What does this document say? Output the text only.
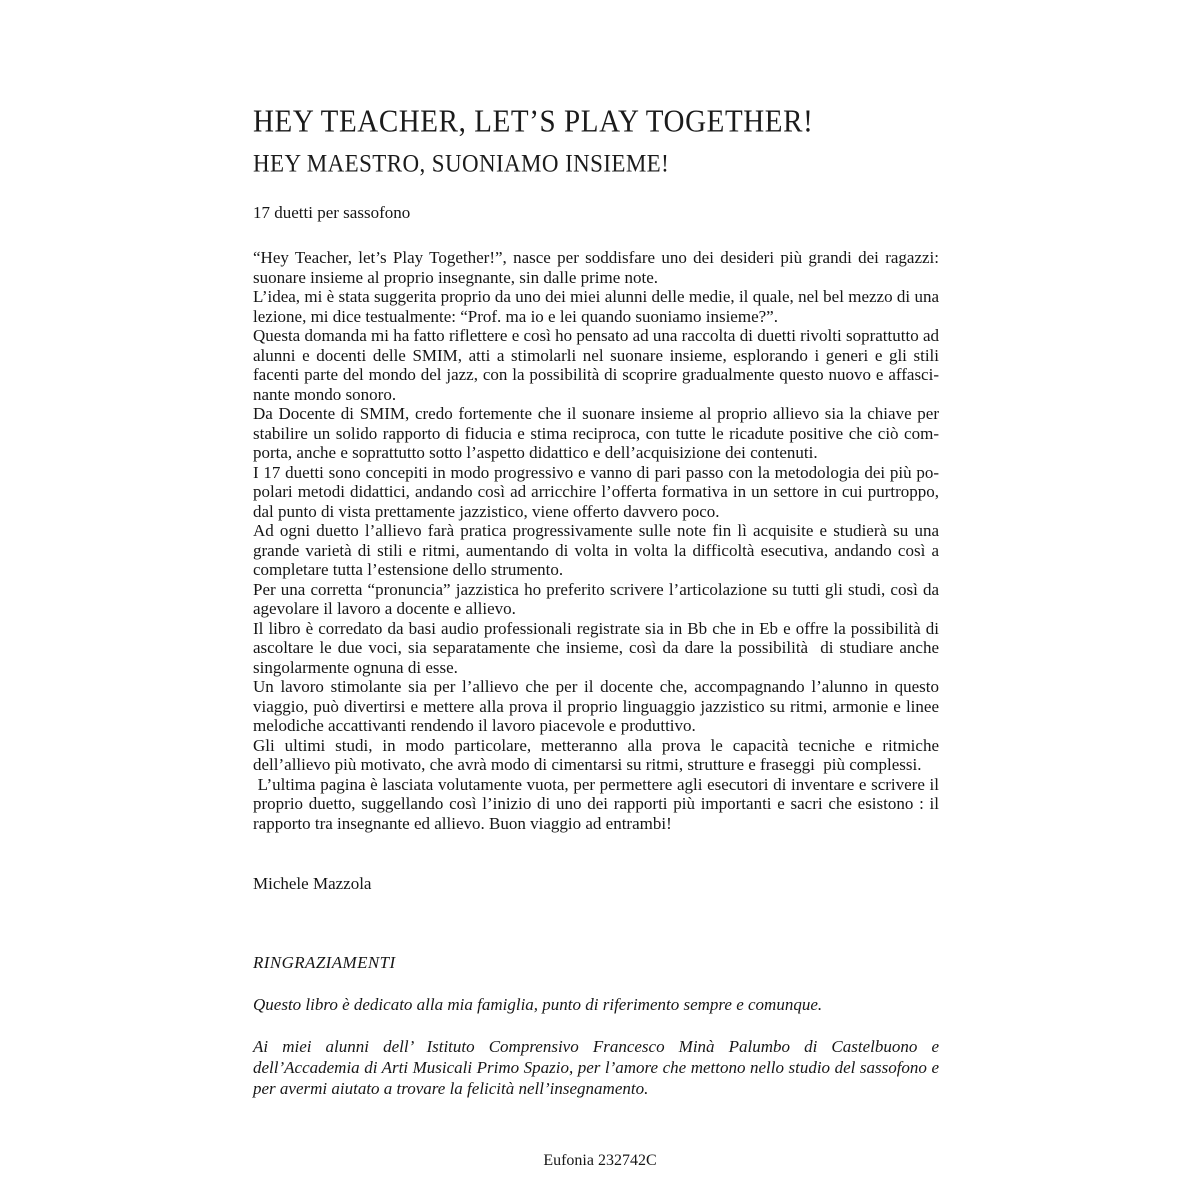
HEY TEACHER, LET’S PLAY TOGETHER!
HEY MAESTRO, SUONIAMO INSIEME!
17 duetti per sassofono

“Hey Teacher, let’s Play Together!”, nasce per soddisfare uno dei desideri più grandi dei ragazzi: suonare insieme al proprio insegnante, sin dalle prime note.

L’idea, mi è stata suggerita proprio da uno dei miei alunni delle medie, il quale, nel bel mezzo di una lezione, mi dice testualmente: “Prof. ma io e lei quando suoniamo insieme?”.

Questa domanda mi ha fatto riflettere e così ho pensato ad una raccolta di duetti rivolti soprattutto ad alunni e docenti delle SMIM, atti a stimolarli nel suonare insieme, esplorando i generi e gli stili facenti parte del mondo del jazz, con la possibilità di scoprire gradualmente questo nuovo e affasci-nante mondo sonoro.

Da Docente di SMIM, credo fortemente che il suonare insieme al proprio allievo sia la chiave per stabilire un solido rapporto di fiducia e stima reciproca, con tutte le ricadute positive che ciò com-porta, anche e soprattutto sotto l’aspetto didattico e dell’acquisizione dei contenuti.

I 17 duetti sono concepiti in modo progressivo e vanno di pari passo con la metodologia dei più po-polari metodi didattici, andando così ad arricchire l’offerta formativa in un settore in cui purtroppo, dal punto di vista prettamente jazzistico, viene offerto davvero poco.

Ad ogni duetto l’allievo farà pratica progressivamente sulle note fin lì acquisite e studierà su una grande varietà di stili e ritmi, aumentando di volta in volta la difficoltà esecutiva, andando così a completare tutta l’estensione dello strumento.

Per una corretta “pronuncia” jazzistica ho preferito scrivere l’articolazione su tutti gli studi, così da agevolare il lavoro a docente e allievo.

Il libro è corredato da basi audio professionali registrate sia in Bb che in Eb e offre la possibilità di ascoltare le due voci, sia separatamente che insieme, così da dare la possibilità  di studiare anche singolarmente ognuna di esse.

Un lavoro stimolante sia per l’allievo che per il docente che, accompagnando l’alunno in questo viaggio, può divertirsi e mettere alla prova il proprio linguaggio jazzistico su ritmi, armonie e linee melodiche accattivanti rendendo il lavoro piacevole e produttivo.

Gli ultimi studi, in modo particolare, metteranno alla prova le capacità tecniche e ritmiche dell’allievo più motivato, che avrà modo di cimentarsi su ritmi, strutture e fraseggi  più complessi.

L’ultima pagina è lasciata volutamente vuota, per permettere agli esecutori di inventare e scrivere il proprio duetto, suggellando così l’inizio di uno dei rapporti più importanti e sacri che esistono : il rapporto tra insegnante ed allievo. Buon viaggio ad entrambi!

Michele Mazzola
RINGRAZIAMENTI

Questo libro è dedicato alla mia famiglia, punto di riferimento sempre e comunque.

Ai miei alunni dell’ Istituto Comprensivo Francesco Minà Palumbo di Castelbuono e dell’Accademia di Arti Musicali Primo Spazio, per l’amore che mettono nello studio del sassofono e per avermi aiutato a trovare la felicità nell’insegnamento.

Eufonia 232742C
